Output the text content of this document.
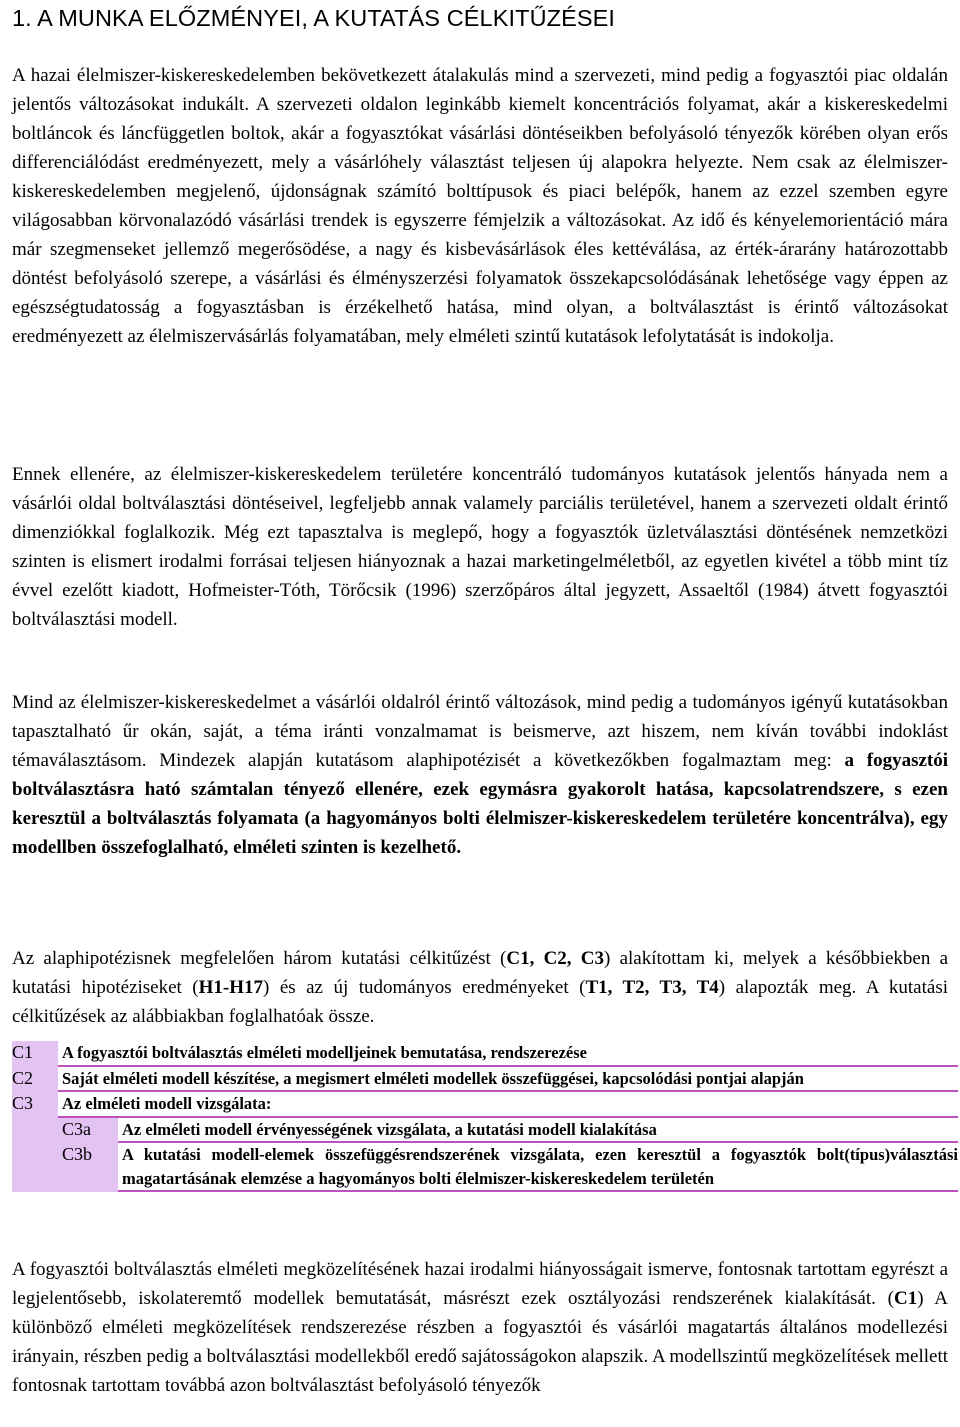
1. A MUNKA ELŐZMÉNYEI, A KUTATÁS CÉLKITŰZÉSEI

A hazai élelmiszer-kiskereskedelemben bekövetkezett átalakulás mind a szervezeti, mind pedig a fogyasztói piac oldalán jelentős változásokat indukált. A szervezeti oldalon leginkább kiemelt koncentrációs folyamat, akár a kiskereskedelmi boltláncok és láncfüggetlen boltok, akár a fogyasztókat vásárlási döntéseikben befolyásoló tényezők körében olyan erős differenciálódást eredményezett, mely a vásárlóhely választást teljesen új alapokra helyezte. Nem csak az élelmiszer-kiskereskedelemben megjelenő, újdonságnak számító bolttípusok és piaci belépők, hanem az ezzel szemben egyre világosabban körvonalazódó vásárlási trendek is egyszerre fémjelzik a változásokat. Az idő és kényelemorientáció mára már szegmenseket jellemző megerősödése, a nagy és kisbevásárlások éles kettéválása, az érték-árarány határozottabb döntést befolyásoló szerepe, a vásárlási és élményszerzési folyamatok összekapcsolódásának lehetősége vagy éppen az egészségtudatosság a fogyasztásban is érzékelhető hatása, mind olyan, a boltválasztást is érintő változásokat eredményezett az élelmiszervásárlás folyamatában, mely elméleti szintű kutatások lefolytatását is indokolja.

Ennek ellenére, az élelmiszer-kiskereskedelem területére koncentráló tudományos kutatások jelentős hányada nem a vásárlói oldal boltválasztási döntéseivel, legfeljebb annak valamely parciális területével, hanem a szervezeti oldalt érintő dimenziókkal foglalkozik. Még ezt tapasztalva is meglepő, hogy a fogyasztók üzletválasztási döntésének nemzetközi szinten is elismert irodalmi forrásai teljesen hiányoznak a hazai marketingelméletből, az egyetlen kivétel a több mint tíz évvel ezelőtt kiadott, Hofmeister-Tóth, Törőcsik (1996) szerzőpáros által jegyzett, Assaeltől (1984) átvett fogyasztói boltválasztási modell.

Mind az élelmiszer-kiskereskedelmet a vásárlói oldalról érintő változások, mind pedig a tudományos igényű kutatásokban tapasztalható űr okán, saját, a téma iránti vonzalmamat is beismerve, azt hiszem, nem kíván további indoklást témaválasztásom. Mindezek alapján kutatásom alaphipotézisét a következőkben fogalmaztam meg: a fogyasztói boltválasztásra ható számtalan tényező ellenére, ezek egymásra gyakorolt hatása, kapcsolatrendszere, s ezen keresztül a boltválasztás folyamata (a hagyományos bolti élelmiszer-kiskereskedelem területére koncentrálva), egy modellben összefoglalható, elméleti szinten is kezelhető.

Az alaphipotézisnek megfelelően három kutatási célkitűzést (C1, C2, C3) alakítottam ki, melyek a későbbiekben a kutatási hipotéziseket (H1-H17) és az új tudományos eredményeket (T1, T2, T3, T4) alapozták meg. A kutatási célkitűzések az alábbiakban foglalhatóak össze.

C1	A fogyasztói boltválasztás elméleti modelljeinek bemutatása, rendszerezése
C2	Saját elméleti modell készítése, a megismert elméleti modellek összefüggései, kapcsolódási pontjai alapján
C3	Az elméleti modell vizsgálata:
C3a	Az elméleti modell érvényességének vizsgálata, a kutatási modell kialakítása
C3b	A kutatási modell-elemek összefüggésrendszerének vizsgálata, ezen keresztül a fogyasztók bolt(típus)választási magatartásának elemzése a hagyományos bolti élelmiszer-kiskereskedelem területén

A fogyasztói boltválasztás elméleti megközelítésének hazai irodalmi hiányosságait ismerve, fontosnak tartottam egyrészt a legjelentősebb, iskolateremtő modellek bemutatását, másrészt ezek osztályozási rendszerének kialakítását. (C1) A különböző elméleti megközelítések rendszerezése részben a fogyasztói és vásárlói magatartás általános modellezési irányain, részben pedig a boltválasztási modellekből eredő sajátosságokon alapszik. A modellszintű megközelítések mellett fontosnak tartottam továbbá azon boltválasztást befolyásoló tényezők
